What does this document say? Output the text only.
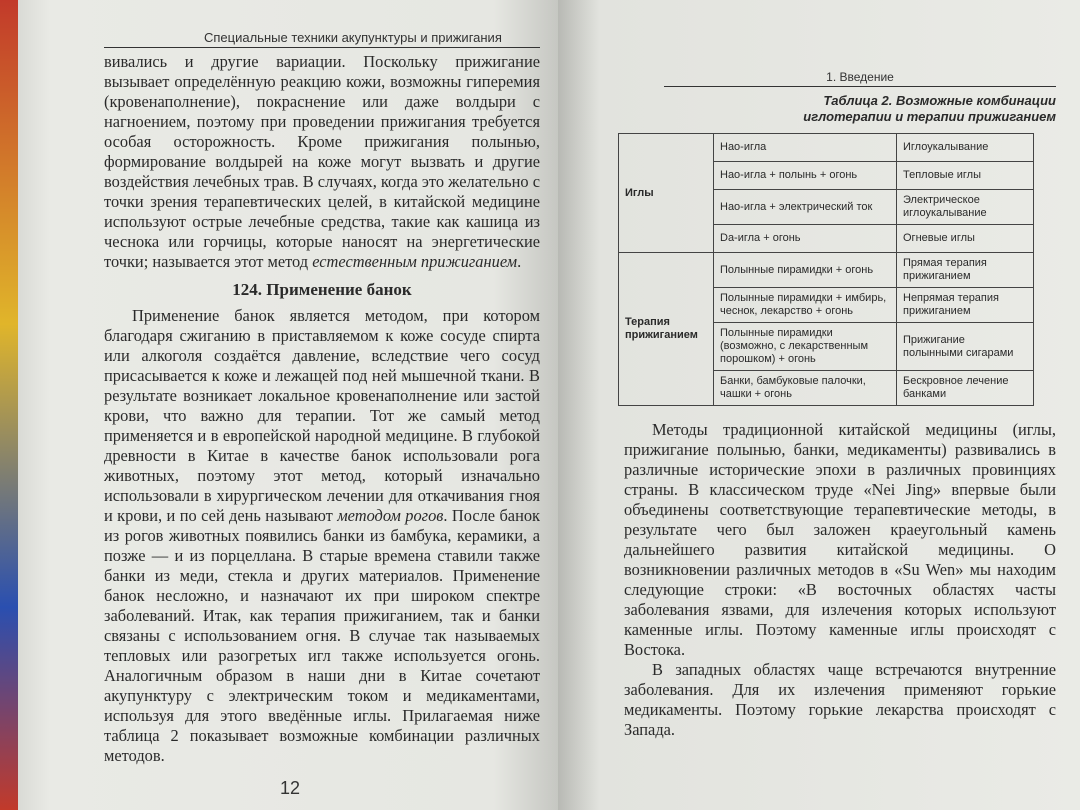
Специальные техники акупунктуры и прижигания

вивались и другие вариации. Поскольку прижигание вызывает определённую реакцию кожи, возможны гиперемия (кровенаполнение), покраснение или даже волдыри с нагноением, поэтому при проведении прижигания требуется особая осторожность. Кроме прижигания полынью, формирование волдырей на коже могут вызвать и другие воздействия лечебных трав. В случаях, когда это желательно с точки зрения терапевтических целей, в китайской медицине используют острые лечебные средства, такие как кашица из чеснока или горчицы, которые наносят на энергетические точки; называется этот метод естественным прижиганием.

124. Применение банок

Применение банок является методом, при котором благодаря сжиганию в приставляемом к коже сосуде спирта или алкоголя создаётся давление, вследствие чего сосуд присасывается к коже и лежащей под ней мышечной ткани. В результате возникает локальное кровенаполнение или застой крови, что важно для терапии. Тот же самый метод применяется и в европейской народной медицине. В глубокой древности в Китае в качестве банок использовали рога животных, поэтому этот метод, который изначально использовали в хирургическом лечении для откачивания гноя и крови, и по сей день называют методом рогов. После банок из рогов животных появились банки из бамбука, керамики, а позже — и из порцеллана. В старые времена ставили также банки из меди, стекла и других материалов. Применение банок несложно, и назначают их при широком спектре заболеваний. Итак, как терапия прижиганием, так и банки связаны с использованием огня. В случае так называемых тепловых или разогретых игл также используется огонь. Аналогичным образом в наши дни в Китае сочетают акупунктуру с электрическим током и медикаментами, используя для этого введённые иглы. Прилагаемая ниже таблица 2 показывает возможные комбинации различных методов.

12
1. Введение
Таблица 2. Возможные комбинации
иглотерапии и терапии прижиганием
Иглы	Нао-игла	Иглоукалывание
	Нао-игла + полынь + огонь	Тепловые иглы
	Нао-игла + электрический ток	Электрическое иглоукалывание
	Da-игла + огонь	Огневые иглы
Терапия прижиганием	Полынные пирамидки + огонь	Прямая терапия прижиганием
	Полынные пирамидки + имбирь, чеснок, лекарство + огонь	Непрямая терапия прижиганием
	Полынные пирамидки (возможно, с лекарственным порошком) + огонь	Прижигание полынными сигарами
	Банки, бамбуковые палочки, чашки + огонь	Бескровное лечение банками

Методы традиционной китайской медицины (иглы, прижигание полынью, банки, медикаменты) развивались в различные исторические эпохи в различных провинциях страны. В классическом труде «Nei Jing» впервые были объединены соответствующие терапевтические методы, в результате чего был заложен краеугольный камень дальнейшего развития китайской медицины. О возникновении различных методов в «Su Wen» мы находим следующие строки: «В восточных областях часты заболевания язвами, для излечения которых используют каменные иглы. Поэтому каменные иглы происходят с Востока.

В западных областях чаще встречаются внутренние заболевания. Для их излечения применяют горькие медикаменты. Поэтому горькие лекарства происходят с Запада.
